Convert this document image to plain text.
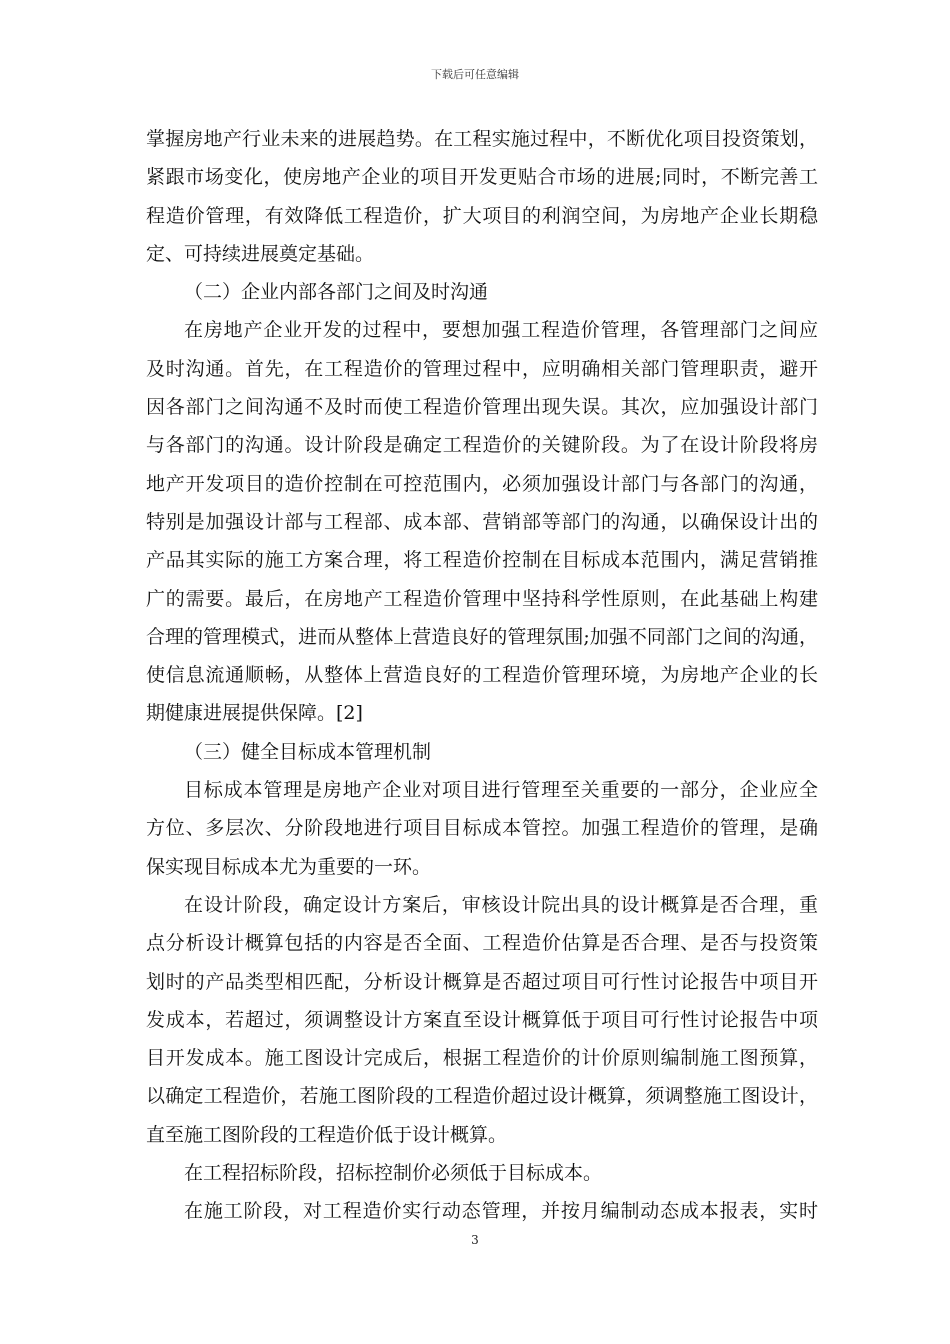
下载后可任意编辑
掌握房地产行业未来的进展趋势。在工程实施过程中，不断优化项目投资策划，
紧跟市场变化，使房地产企业的项目开发更贴合市场的进展;同时，不断完善工
程造价管理，有效降低工程造价，扩大项目的利润空间，为房地产企业长期稳
定、可持续进展奠定基础。
（二）企业内部各部门之间及时沟通
在房地产企业开发的过程中，要想加强工程造价管理，各管理部门之间应
及时沟通。首先，在工程造价的管理过程中，应明确相关部门管理职责，避开
因各部门之间沟通不及时而使工程造价管理出现失误。其次，应加强设计部门
与各部门的沟通。设计阶段是确定工程造价的关键阶段。为了在设计阶段将房
地产开发项目的造价控制在可控范围内，必须加强设计部门与各部门的沟通，
特别是加强设计部与工程部、成本部、营销部等部门的沟通，以确保设计出的
产品其实际的施工方案合理，将工程造价控制在目标成本范围内，满足营销推
广的需要。最后，在房地产工程造价管理中坚持科学性原则，在此基础上构建
合理的管理模式，进而从整体上营造良好的管理氛围;加强不同部门之间的沟通，
使信息流通顺畅，从整体上营造良好的工程造价管理环境，为房地产企业的长
期健康进展提供保障。[2]
（三）健全目标成本管理机制
目标成本管理是房地产企业对项目进行管理至关重要的一部分，企业应全
方位、多层次、分阶段地进行项目目标成本管控。加强工程造价的管理，是确
保实现目标成本尤为重要的一环。
在设计阶段，确定设计方案后，审核设计院出具的设计概算是否合理，重
点分析设计概算包括的内容是否全面、工程造价估算是否合理、是否与投资策
划时的产品类型相匹配，分析设计概算是否超过项目可行性讨论报告中项目开
发成本，若超过，须调整设计方案直至设计概算低于项目可行性讨论报告中项
目开发成本。施工图设计完成后，根据工程造价的计价原则编制施工图预算，
以确定工程造价，若施工图阶段的工程造价超过设计概算，须调整施工图设计，
直至施工图阶段的工程造价低于设计概算。
在工程招标阶段，招标控制价必须低于目标成本。
在施工阶段，对工程造价实行动态管理，并按月编制动态成本报表，实时
3
